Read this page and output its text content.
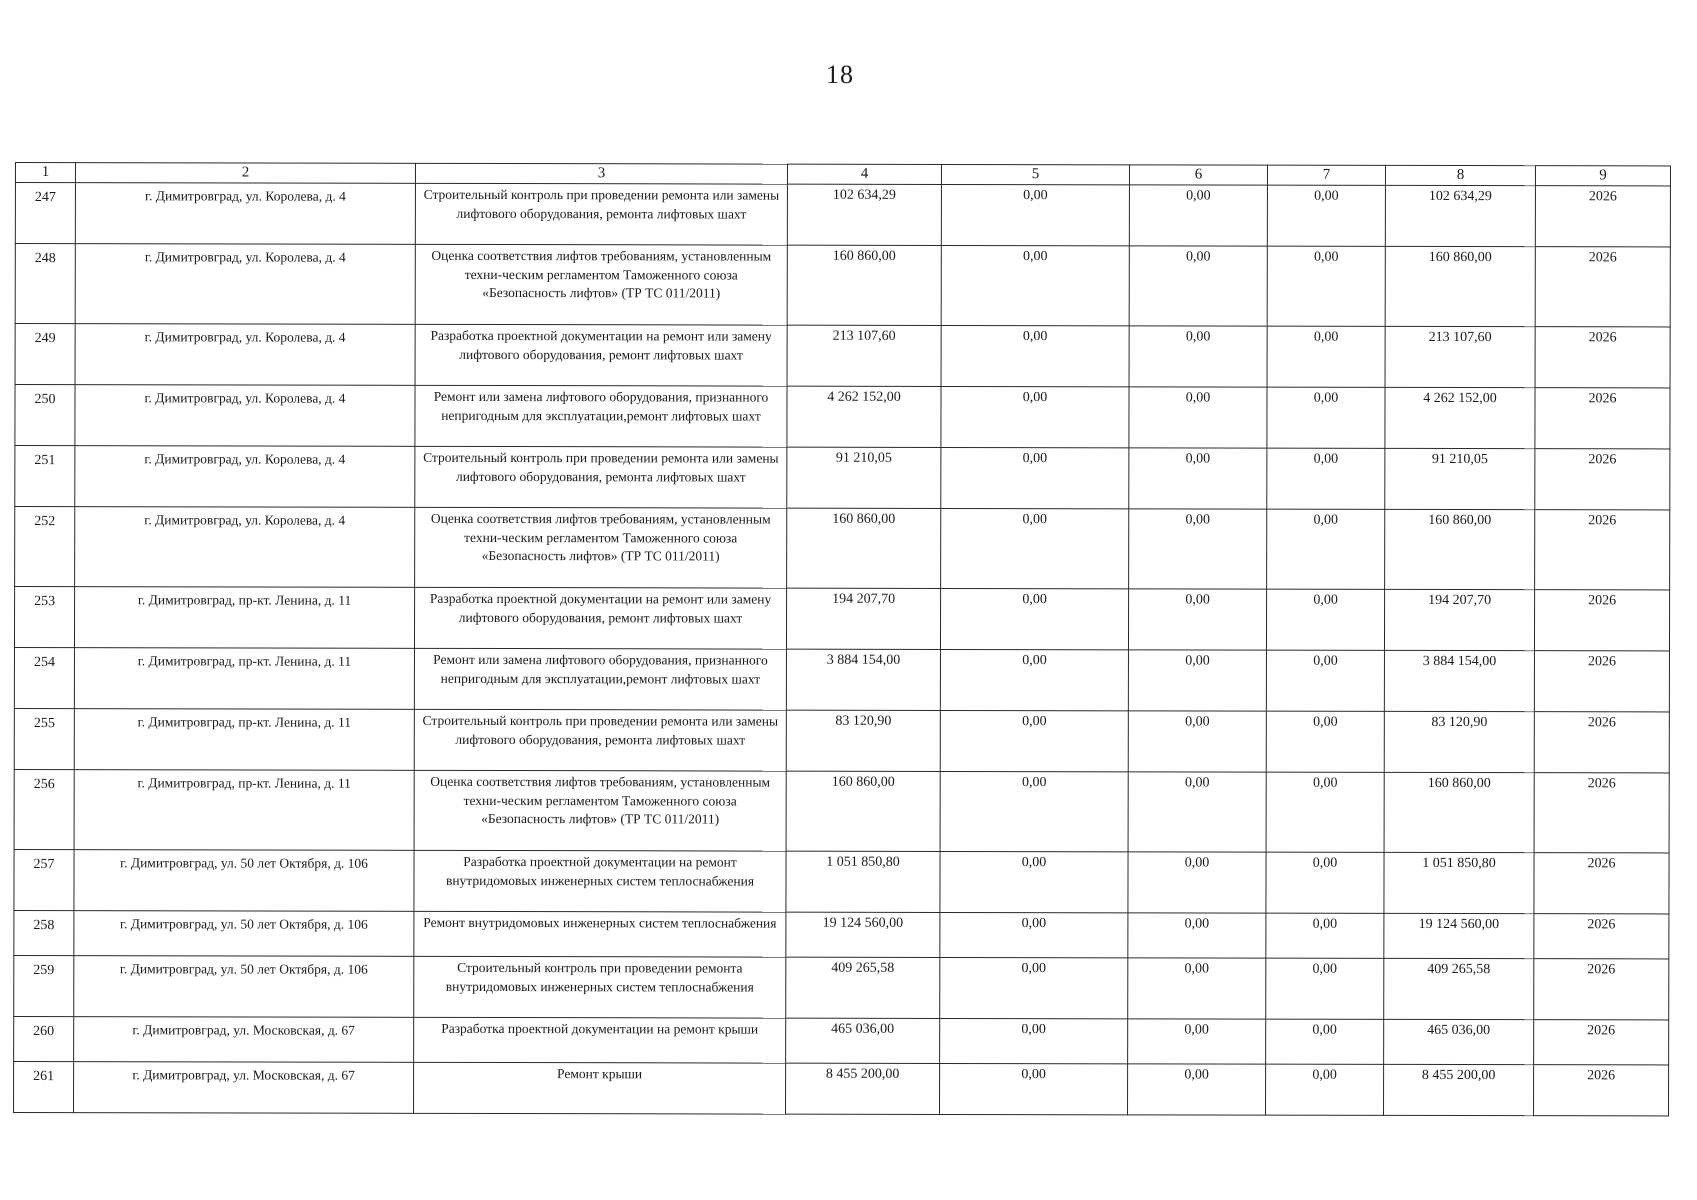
18
1	2	3	4	5	6	7	8	9
247	г. Димитровград, ул. Королева, д. 4	Строительный контроль при проведении ремонта или замены лифтового оборудования, ремонта лифтовых шахт	102 634,29	0,00	0,00	0,00	102 634,29	2026
248	г. Димитровград, ул. Королева, д. 4	Оценка соответствия лифтов требованиям, установленным техни-ческим регламентом Таможенного союза «Безопасность лифтов» (ТР ТС 011/2011)	160 860,00	0,00	0,00	0,00	160 860,00	2026
249	г. Димитровград, ул. Королева, д. 4	Разработка проектной документации на ремонт или замену лифтового оборудования, ремонт лифтовых шахт	213 107,60	0,00	0,00	0,00	213 107,60	2026
250	г. Димитровград, ул. Королева, д. 4	Ремонт или замена лифтового оборудования, признанного непригодным для эксплуатации,ремонт лифтовых шахт	4 262 152,00	0,00	0,00	0,00	4 262 152,00	2026
251	г. Димитровград, ул. Королева, д. 4	Строительный контроль при проведении ремонта или замены лифтового оборудования, ремонта лифтовых шахт	91 210,05	0,00	0,00	0,00	91 210,05	2026
252	г. Димитровград, ул. Королева, д. 4	Оценка соответствия лифтов требованиям, установленным техни-ческим регламентом Таможенного союза «Безопасность лифтов» (ТР ТС 011/2011)	160 860,00	0,00	0,00	0,00	160 860,00	2026
253	г. Димитровград, пр-кт. Ленина, д. 11	Разработка проектной документации на ремонт или замену лифтового оборудования, ремонт лифтовых шахт	194 207,70	0,00	0,00	0,00	194 207,70	2026
254	г. Димитровград, пр-кт. Ленина, д. 11	Ремонт или замена лифтового оборудования, признанного непригодным для эксплуатации,ремонт лифтовых шахт	3 884 154,00	0,00	0,00	0,00	3 884 154,00	2026
255	г. Димитровград, пр-кт. Ленина, д. 11	Строительный контроль при проведении ремонта или замены лифтового оборудования, ремонта лифтовых шахт	83 120,90	0,00	0,00	0,00	83 120,90	2026
256	г. Димитровград, пр-кт. Ленина, д. 11	Оценка соответствия лифтов требованиям, установленным техни-ческим регламентом Таможенного союза «Безопасность лифтов» (ТР ТС 011/2011)	160 860,00	0,00	0,00	0,00	160 860,00	2026
257	г. Димитровград, ул. 50 лет Октября, д. 106	Разработка проектной документации на ремонт внутридомовых инженерных систем теплоснабжения	1 051 850,80	0,00	0,00	0,00	1 051 850,80	2026
258	г. Димитровград, ул. 50 лет Октября, д. 106	Ремонт внутридомовых инженерных систем теплоснабжения	19 124 560,00	0,00	0,00	0,00	19 124 560,00	2026
259	г. Димитровград, ул. 50 лет Октября, д. 106	Строительный контроль при проведении ремонта внутридомовых инженерных систем теплоснабжения	409 265,58	0,00	0,00	0,00	409 265,58	2026
260	г. Димитровград, ул. Московская, д. 67	Разработка проектной документации на ремонт крыши	465 036,00	0,00	0,00	0,00	465 036,00	2026
261	г. Димитровград, ул. Московская, д. 67	Ремонт крыши	8 455 200,00	0,00	0,00	0,00	8 455 200,00	2026
